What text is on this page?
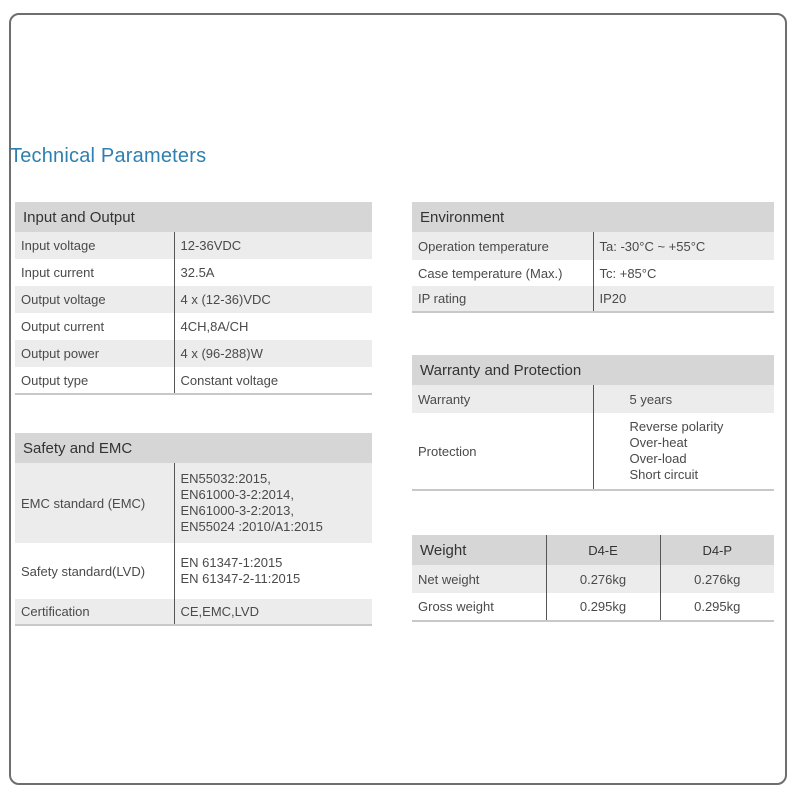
Technical Parameters
Input and Output	
Input voltage	12-36VDC
Input current	32.5A
Output voltage	4 x (12-36)VDC
Output current	4CH,8A/CH
Output power	4 x (96-288)W
Output type	Constant voltage
Safety and EMC	
EMC standard (EMC)	EN55032:2015,
EN61000-3-2:2014,
EN61000-3-2:2013,
EN55024 :2010/A1:2015

Safety standard(LVD)	EN 61347-1:2015
EN 61347-2-11:2015

Certification	CE,EMC,LVD
Environment	
Operation temperature	Ta: -30°C ~ +55°C
Case temperature (Max.)	Tc: +85°C
IP rating	IP20
Warranty and Protection	
Warranty	5 years
Protection	Reverse polarity
Over-heat
Over-load
Short circuit
Weight	D4-E	D4-P
Net weight	0.276kg	0.276kg
Gross weight	0.295kg	0.295kg
